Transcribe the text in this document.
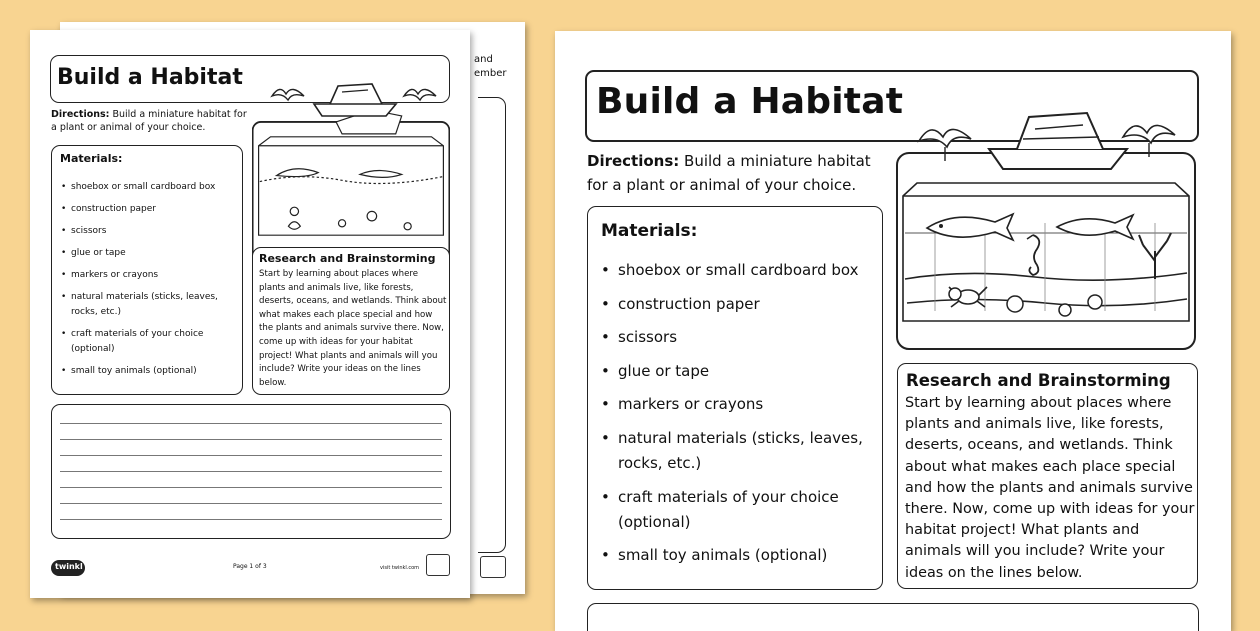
and
ember
Build a Habitat
Directions: Build a miniature habitat for a plant or animal of your choice.
Materials:
• shoebox or small cardboard box
• construction paper
• scissors
• glue or tape
• markers or crayons
• natural materials (sticks, leaves, rocks, etc.)
• craft materials of your choice (optional)
• small toy animals (optional)
Research and Brainstorming

Start by learning about places where plants and animals live, like forests, deserts, oceans, and wetlands. Think about what makes each place special and how the plants and animals survive there. Now, come up with ideas for your habitat project! What plants and animals will you include? Write your ideas on the lines below.

twinkl	Page 1 of 3	visit twinkl.com
Build a Habitat
Directions: Build a miniature habitat for a plant or animal of your choice.
Materials:
• shoebox or small cardboard box
• construction paper
• scissors
• glue or tape
• markers or crayons
• natural materials (sticks, leaves, rocks, etc.)
• craft materials of your choice (optional)
• small toy animals (optional)
Research and Brainstorming

Start by learning about places where plants and animals live, like forests, deserts, oceans, and wetlands. Think about what makes each place special and how the plants and animals survive there. Now, come up with ideas for your habitat project! What plants and animals will you include? Write your ideas on the lines below.
